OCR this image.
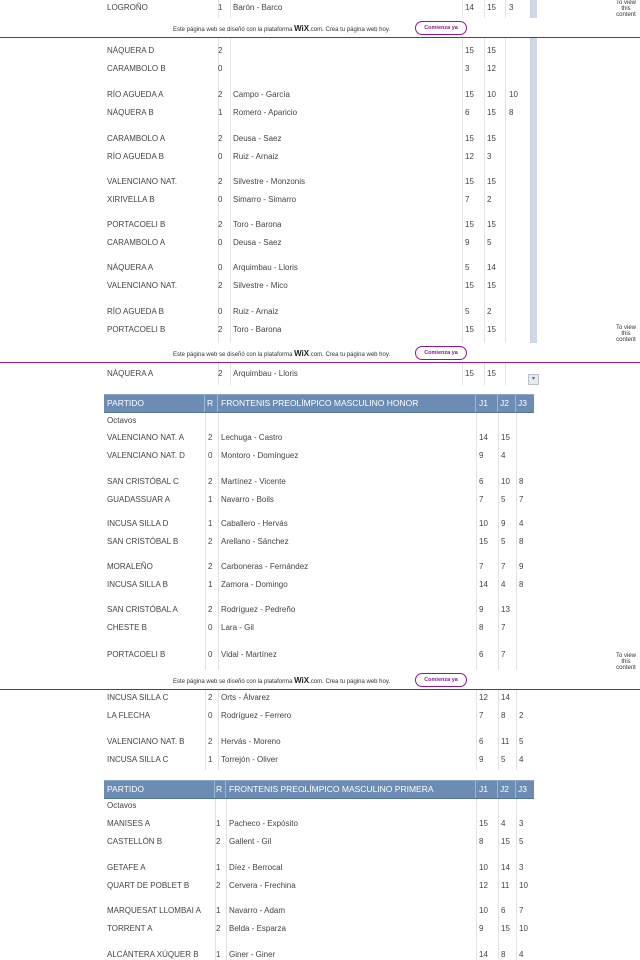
LOGROÑO	1 Barón - Barco	14 15 3	To view this content
Este página web se diseñó con la plataforma WiX.com. Crea tu página web hoy.	Comienza ya
NÁQUERA D	2	15 15
CARAMBOLO B	0	3 12
RÍO AGUEDA A	2 Campo - García	15 10 10
NÁQUERA B	1 Romero - Aparicio	6 15 8
CARAMBOLO A	2 Deusa - Saez	15 15
RÍO AGUEDA B	0 Ruiz - Arnaiz	12 3
VALENCIANO NAT.	2 Silvestre - Monzonis	15 15
XIRIVELLA B	0 Simarro - Simarro	7 2
PORTACOELI B	2 Toro - Barona	15 15
CARAMBOLO A	0 Deusa - Saez	9 5
NÁQUERA A	0 Arquimbau - Lloris	5 14
VALENCIANO NAT.	2 Silvestre - Mico	15 15
RÍO AGUEDA B	0 Ruiz - Arnaiz	5 2
PORTACOELI B	2 Toro - Barona	15 15	To view this content
Este página web se diseñó con la plataforma WiX.com. Crea tu página web hoy.	Comienza ya
NÁQUERA A	2 Arquimbau - Lloris	15 15
▾
PARTIDO	R FRONTENIS PREOLÍMPICO MASCULINO HONOR	J1 J2 J3
Octavos
VALENCIANO NAT. A	2 Lechuga - Castro	14 15
VALENCIANO NAT. D	0 Montoro - Domínguez	9 4
SAN CRISTÓBAL C	2 Martínez - Vicente	6 10 8
GUADASSUAR A	1 Navarro - Boils	7 5 7
INCUSA SILLA D	1 Caballero - Hervás	10 9 4
SAN CRISTÓBAL B	2 Arellano - Sánchez	15 5 8
MORALEÑO	2 Carboneras - Fernández	7 7 9
INCUSA SILLA B	1 Zamora - Domingo	14 4 8
SAN CRISTÓBAL A	2 Rodríguez - Pedreño	9 13
CHESTE B	0 Lara - Gil	8 7
PORTACOELI B	0 Vidal - Martínez	6 7	To view this content
Este página web se diseñó con la plataforma WiX.com. Crea tu página web hoy.	Comienza ya
INCUSA SILLA C	2 Orts - Álvarez	12 14
LA FLECHA	0 Rodríguez - Ferrero	7 8 2
VALENCIANO NAT. B	2 Hervás - Moreno	6 11 5
INCUSA SILLA C	1 Torrejón - Oliver	9 5 4
PARTIDO	R FRONTENIS PREOLÍMPICO MASCULINO PRIMERA	J1 J2 J3
Octavos
MANISES A	1 Pacheco - Expósito	15 4 3
CASTELLÓN B	2 Gallent - Gil	8 15 5
GETAFE A	1 Díez - Berrocal	10 14 3
QUART DE POBLET B	2 Cervera - Frechina	12 11 10
MARQUESAT LLOMBAI A 1 Navarro - Adam	10 6 7
TORRENT A	2 Belda - Esparza	9 15 10
ALCÁNTERA XÚQUER B 1 Giner - Giner	14 8 4
